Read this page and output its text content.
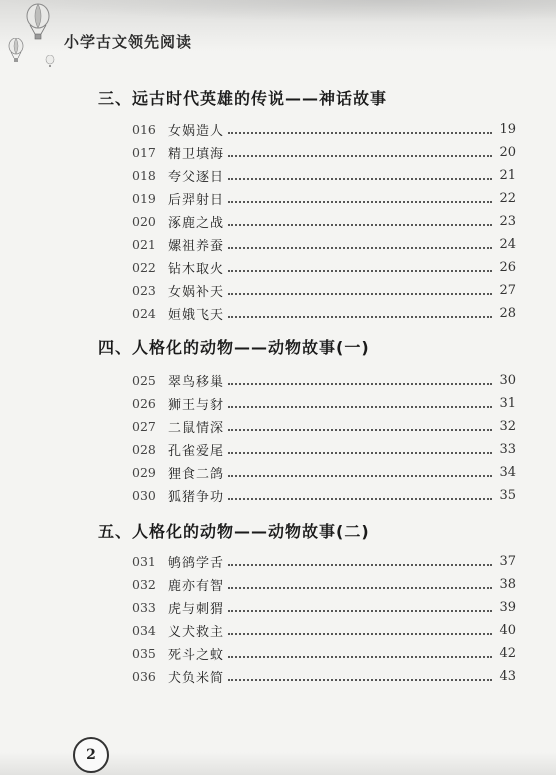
小学古文领先阅读
三、远古时代英雄的传说——神话故事
016 女娲造人	19
017 精卫填海	20
018 夸父逐日	21
019 后羿射日	22
020 涿鹿之战	23
021 嫘祖养蚕	24
022 钻木取火	26
023 女娲补天	27
024 姮娥飞天	28
四、人格化的动物——动物故事(一)
025 翠鸟移巢	30
026 狮王与豺	31
027 二鼠情深	32
028 孔雀爱尾	33
029 狸食二鸽	34
030 狐猪争功	35
五、人格化的动物——动物故事(二)
031 鸲鹆学舌	37
032 鹿亦有智	38
033 虎与刺猬	39
034 义犬救主	40
035 死斗之蚊	42
036 犬负米简	43
2
